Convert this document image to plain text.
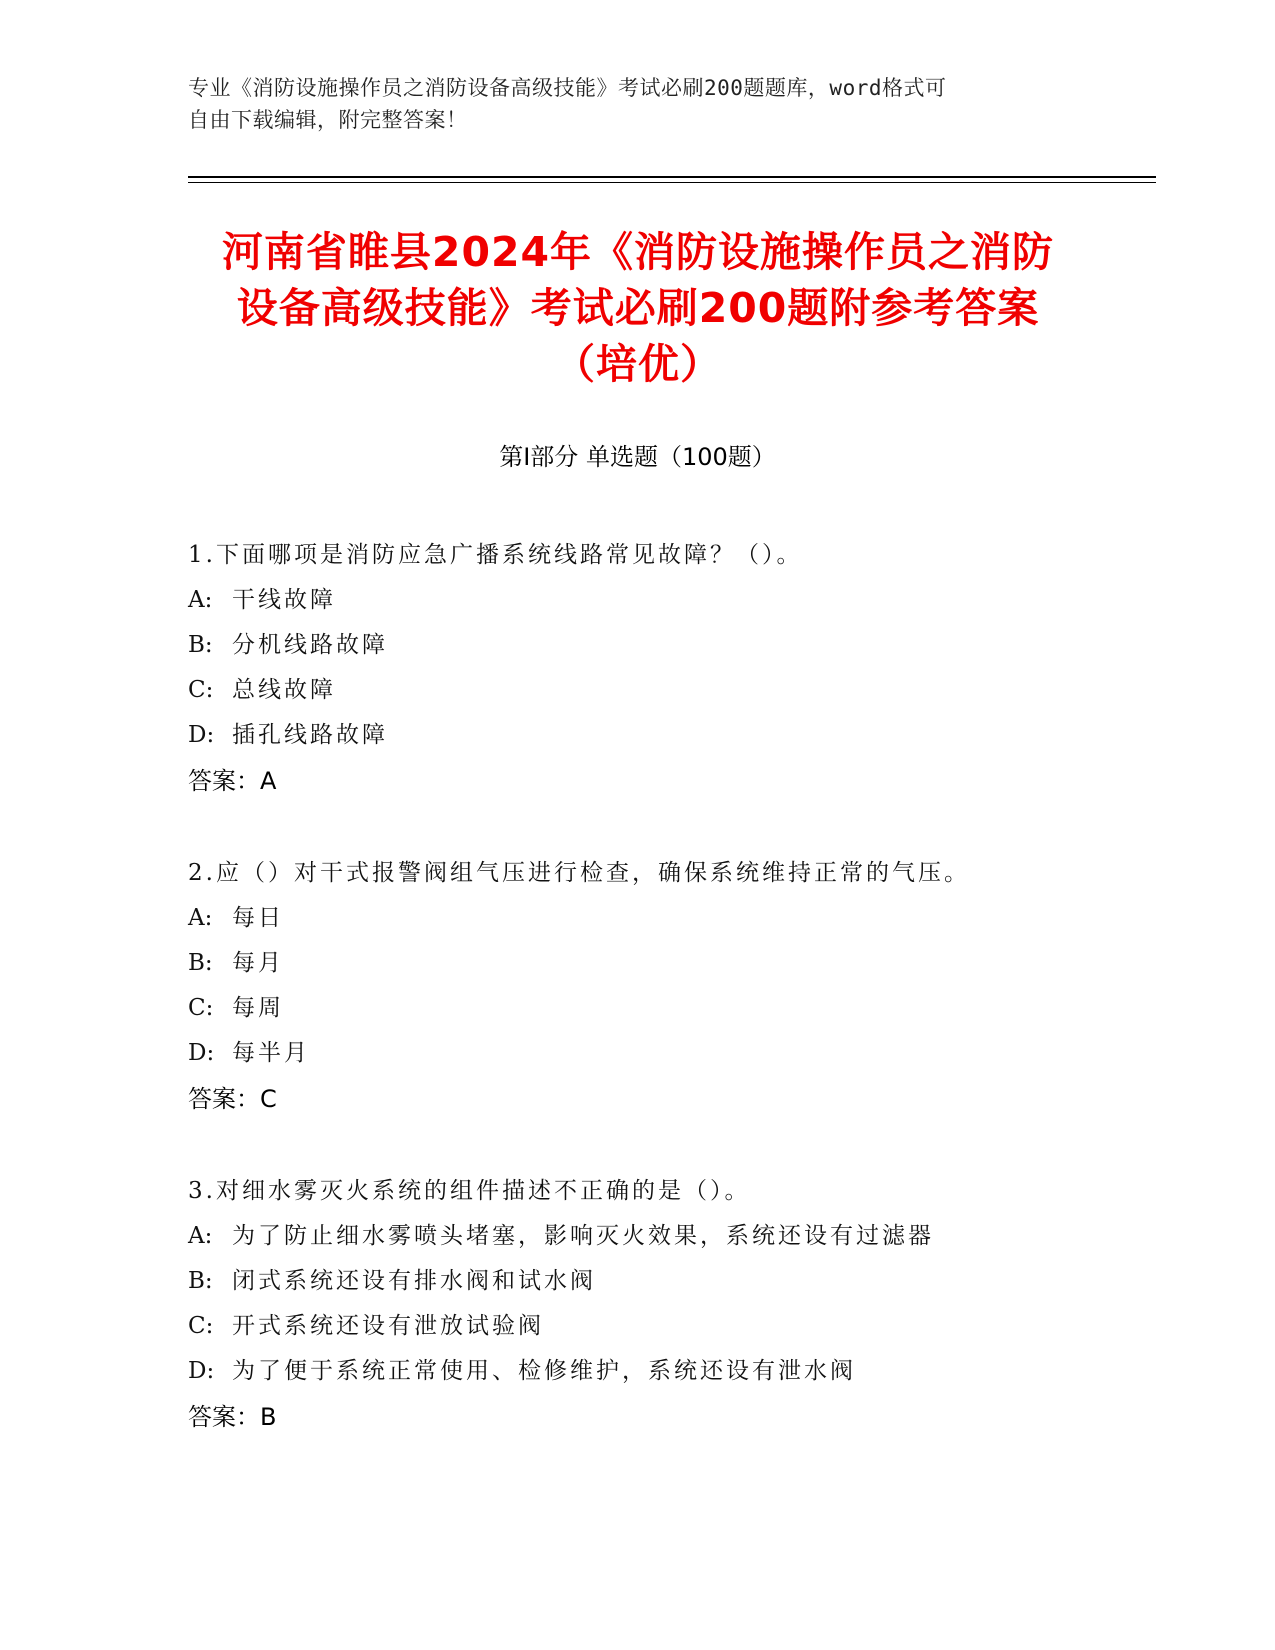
专业《消防设施操作员之消防设备高级技能》考试必刷200题题库，word格式可
自由下载编辑，附完整答案！
河南省睢县2024年《消防设施操作员之消防
设备高级技能》考试必刷200题附参考答案
（培优）
第Ⅰ部分 单选题（100题）
1.下面哪项是消防应急广播系统线路常见故障？（）。
A: 干线故障
B: 分机线路故障
C: 总线故障
D: 插孔线路故障
答案：A
2.应（）对干式报警阀组气压进行检查，确保系统维持正常的气压。
A: 每日
B: 每月
C: 每周
D: 每半月
答案：C
3.对细水雾灭火系统的组件描述不正确的是（）。
A: 为了防止细水雾喷头堵塞，影响灭火效果，系统还设有过滤器
B: 闭式系统还设有排水阀和试水阀
C: 开式系统还设有泄放试验阀
D: 为了便于系统正常使用、检修维护，系统还设有泄水阀
答案：B
